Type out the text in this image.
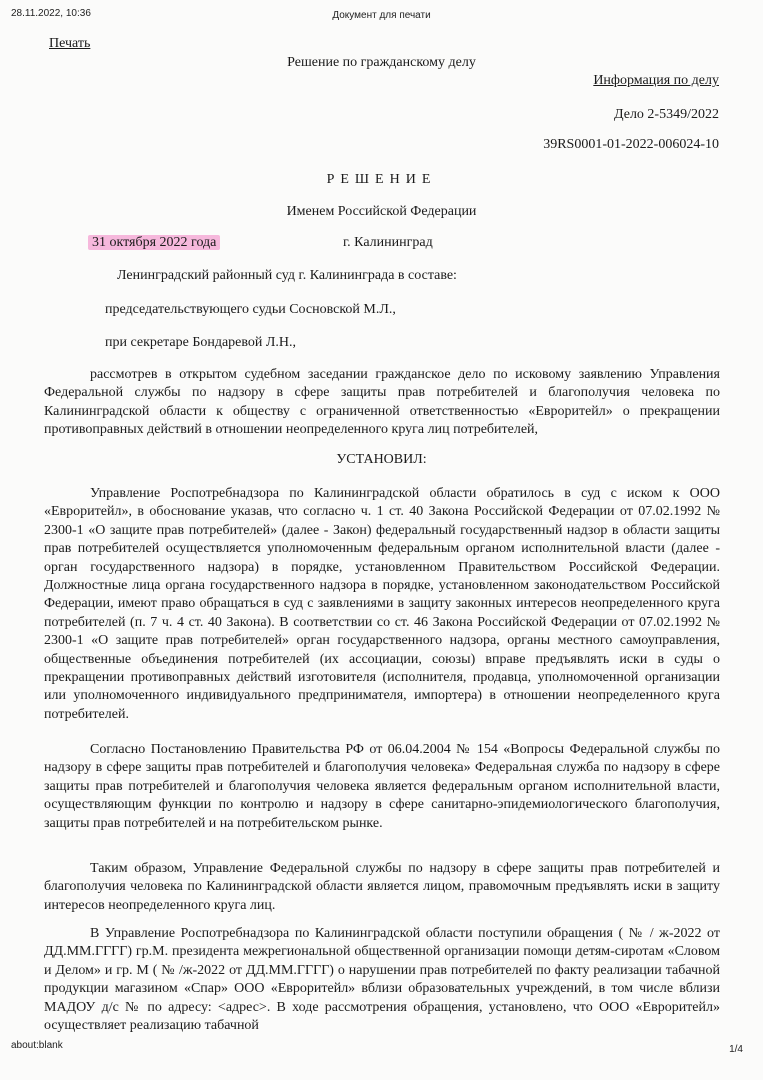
28.11.2022, 10:36	Документ для печати
Печать
Решение по гражданскому делу
Информация по делу
Дело 2-5349/2022
39RS0001-01-2022-006024-10
РЕШЕНИЕ
Именем Российской Федерации
31 октября 2022 года	г. Калининград
Ленинградский районный суд г. Калининграда в составе:
председательствующего судьи Сосновской М.Л.,
при секретаре Бондаревой Л.Н.,

рассмотрев в открытом судебном заседании гражданское дело по исковому заявлению Управления Федеральной службы по надзору в сфере защиты прав потребителей и благополучия человека по Калининградской области к обществу с ограниченной ответственностью «Евроритейл» о прекращении противоправных действий в отношении неопределенного круга лиц потребителей,

УСТАНОВИЛ:

Управление Роспотребнадзора по Калининградской области обратилось в суд с иском к ООО «Евроритейл», в обоснование указав, что согласно ч. 1 ст. 40 Закона Российской Федерации от 07.02.1992 № 2300-1 «О защите прав потребителей» (далее - Закон) федеральный государственный надзор в области защиты прав потребителей осуществляется уполномоченным федеральным органом исполнительной власти (далее - орган государственного надзора) в порядке, установленном Правительством Российской Федерации. Должностные лица органа государственного надзора в порядке, установленном законодательством Российской Федерации, имеют право обращаться в суд с заявлениями в защиту законных интересов неопределенного круга потребителей (п. 7 ч. 4 ст. 40 Закона). В соответствии со ст. 46 Закона Российской Федерации от 07.02.1992 № 2300-1 «О защите прав потребителей» орган государственного надзора, органы местного самоуправления, общественные объединения потребителей (их ассоциации, союзы) вправе предъявлять иски в суды о прекращении противоправных действий изготовителя (исполнителя, продавца, уполномоченной организации или уполномоченного индивидуального предпринимателя, импортера) в отношении неопределенного круга потребителей.

Согласно Постановлению Правительства РФ от 06.04.2004 № 154 «Вопросы Федеральной службы по надзору в сфере защиты прав потребителей и благополучия человека» Федеральная служба по надзору в сфере защиты прав потребителей и благополучия человека является федеральным органом исполнительной власти, осуществляющим функции по контролю и надзору в сфере санитарно-эпидемиологического благополучия, защиты прав потребителей и на потребительском рынке.

Таким образом, Управление Федеральной службы по надзору в сфере защиты прав потребителей и благополучия человека по Калининградской области является лицом, правомочным предъявлять иски в защиту интересов неопределенного круга лиц.

В Управление Роспотребнадзора по Калининградской области поступили обращения ( № / ж-2022 от ДД.ММ.ГГГГ) гр.М. президента межрегиональной общественной организации помощи детям-сиротам «Словом и Делом» и гр. М ( № /ж-2022 от ДД.ММ.ГГГГ) о нарушении прав потребителей по факту реализации табачной продукции магазином «Спар» ООО «Евроритейл» вблизи образовательных учреждений, в том числе вблизи МАДОУ д/с № по адресу: <адрес>. В ходе рассмотрения обращения, установлено, что ООО «Евроритейл» осуществляет реализацию табачной

about:blank	1/4
